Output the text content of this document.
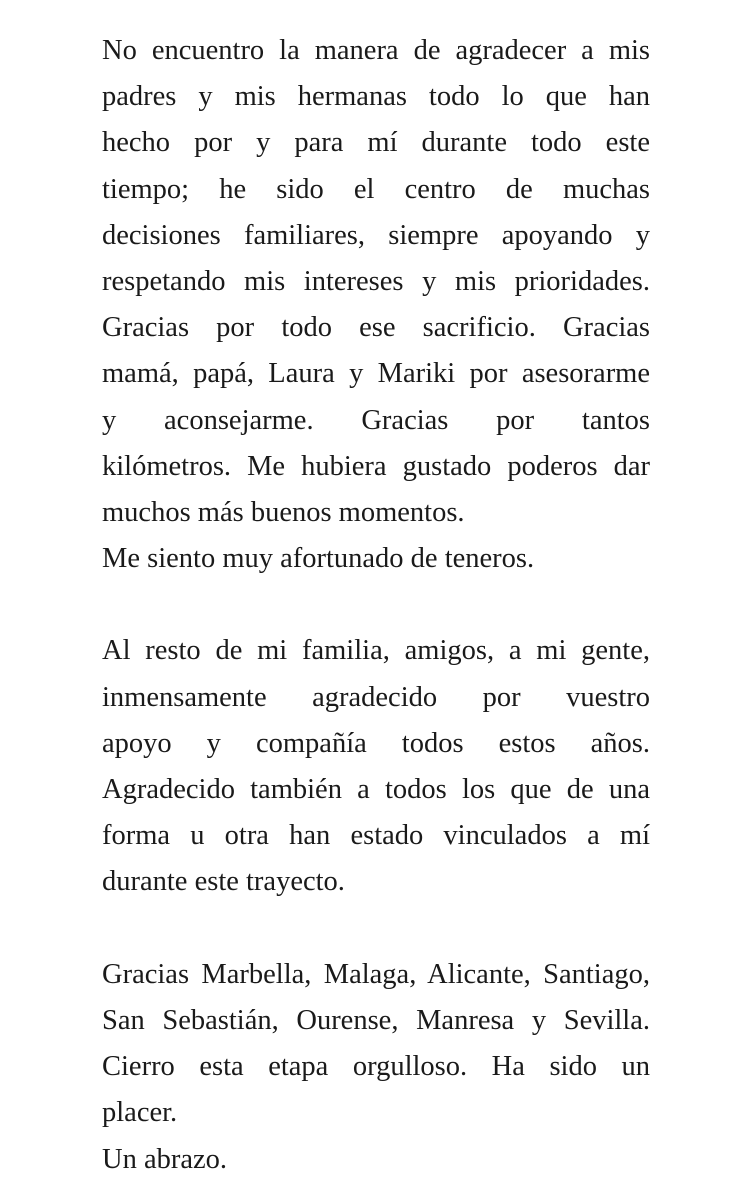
No encuentro la manera de agradecer a mis
padres y mis hermanas todo lo que han
hecho por y para mí durante todo este
tiempo; he sido el centro de muchas
decisiones familiares, siempre apoyando y
respetando mis intereses y mis prioridades.
Gracias por todo ese sacrificio. Gracias
mamá, papá, Laura y Mariki por asesorarme
y aconsejarme. Gracias por tantos
kilómetros. Me hubiera gustado poderos dar
muchos más buenos momentos.
Me siento muy afortunado de teneros.
Al resto de mi familia, amigos, a mi gente,
inmensamente agradecido por vuestro
apoyo y compañía todos estos años.
Agradecido también a todos los que de una
forma u otra han estado vinculados a mí
durante este trayecto.
Gracias Marbella, Malaga, Alicante, Santiago,
San Sebastián, Ourense, Manresa y Sevilla.
Cierro esta etapa orgulloso. Ha sido un
placer.
Un abrazo.
